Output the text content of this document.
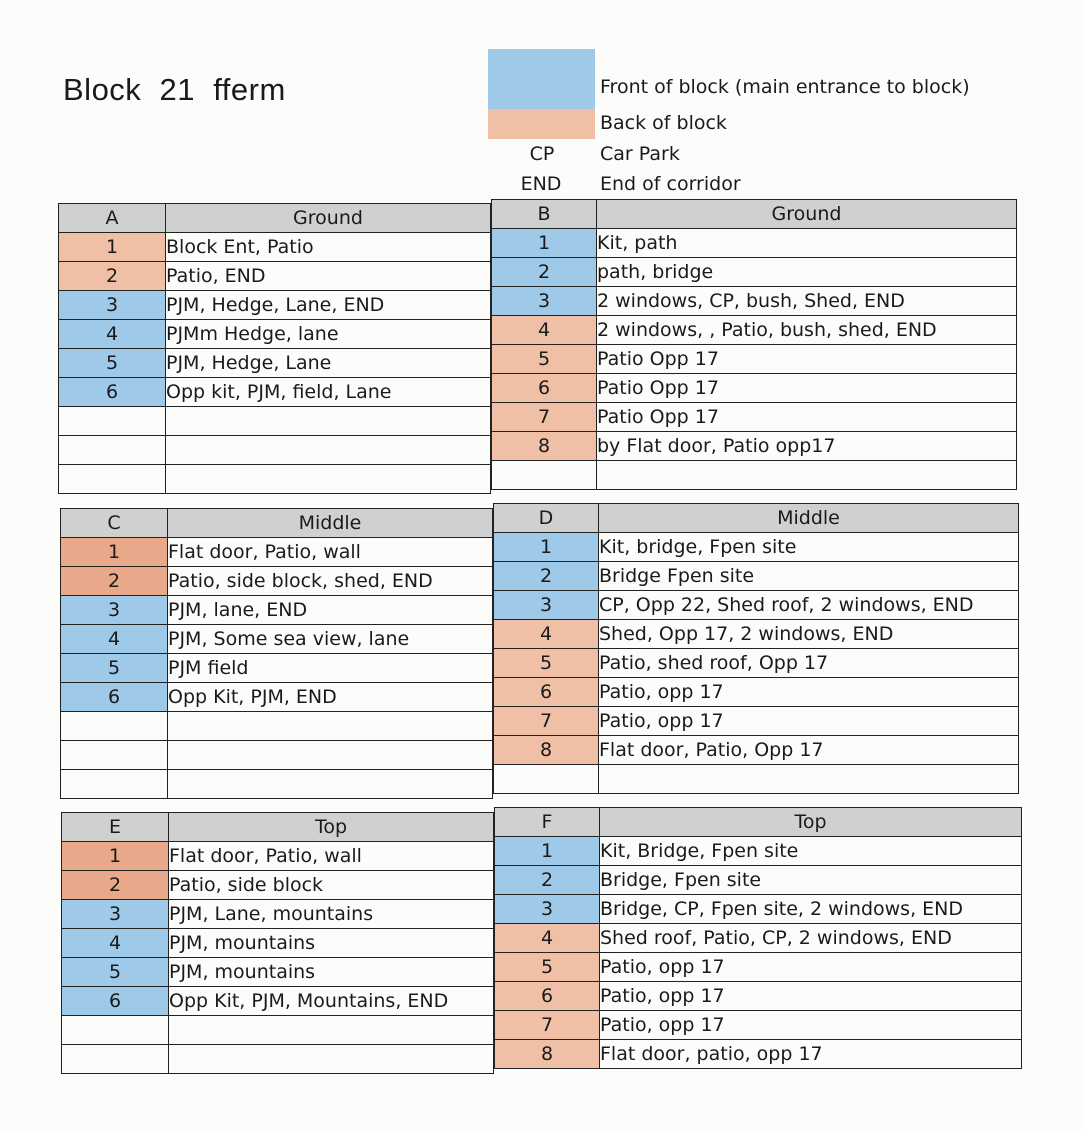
Block  21  fferm	Front of block (main entrance to block)
Back of block
CP	Car Park
END	End of corridor
A	Ground
1	Block Ent, Patio
2	Patio, END
3	PJM, Hedge, Lane, END
4	PJMm Hedge, lane
5	PJM, Hedge, Lane
6	Opp kit, PJM, field, Lane

B	Ground
1	Kit, path
2	path, bridge
3	2 windows, CP, bush, Shed, END
4	2 windows, , Patio, bush, shed, END
5	Patio Opp 17
6	Patio Opp 17
7	Patio Opp 17
8	by Flat door, Patio opp17

C	Middle
1	Flat door, Patio, wall
2	Patio, side block, shed, END
3	PJM, lane, END
4	PJM, Some sea view, lane
5	PJM field
6	Opp Kit, PJM, END

D	Middle
1	Kit, bridge, Fpen site
2	Bridge Fpen site
3	CP, Opp 22, Shed roof, 2 windows, END
4	Shed, Opp 17, 2 windows, END
5	Patio, shed roof, Opp 17
6	Patio, opp 17
7	Patio, opp 17
8	Flat door, Patio, Opp 17

E	Top
1	Flat door, Patio, wall
2	Patio, side block
3	PJM, Lane, mountains
4	PJM, mountains
5	PJM, mountains
6	Opp Kit, PJM, Mountains, END

F	Top
1	Kit, Bridge, Fpen site
2	Bridge, Fpen site
3	Bridge, CP, Fpen site, 2 windows, END
4	Shed roof, Patio, CP, 2 windows, END
5	Patio, opp 17
6	Patio, opp 17
7	Patio, opp 17
8	Flat door, patio, opp 17
